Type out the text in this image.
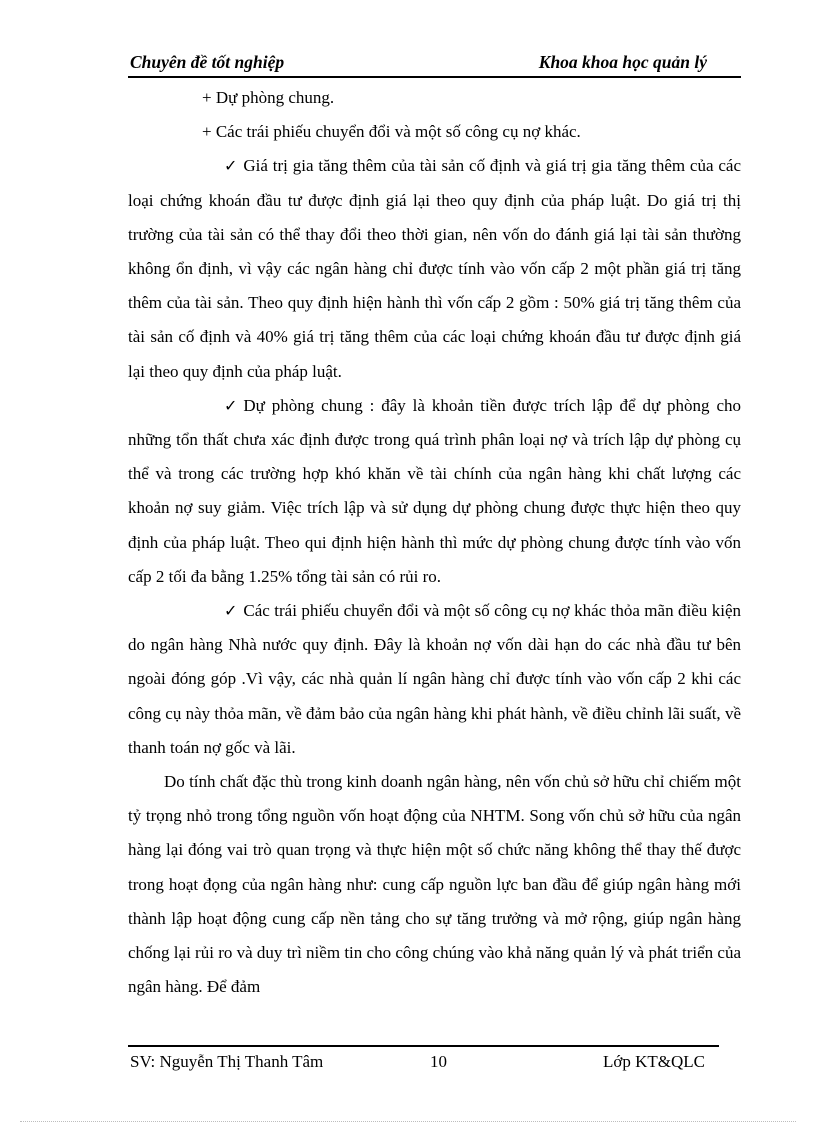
Chuyên đề tốt nghiệp	Khoa khoa học quản lý

+ Dự phòng chung.

+ Các trái phiếu chuyển đổi và một số công cụ nợ khác.

✓ Giá trị gia tăng thêm của tài sản cố định và giá trị gia tăng thêm của các loại chứng khoán đầu tư được định giá lại theo quy định của pháp luật. Do giá trị thị trường của tài sản có thể thay đổi theo thời gian, nên vốn do đánh giá lại tài sản thường không ổn định, vì vậy các ngân hàng chỉ được tính vào vốn cấp 2 một phần giá trị tăng thêm của tài sản. Theo quy định hiện hành thì vốn cấp 2 gồm : 50% giá trị tăng thêm của tài sản cố định và 40% giá trị tăng thêm của các loại chứng khoán đầu tư được định giá lại theo quy định của pháp luật.

✓ Dự phòng chung : đây là khoản tiền được trích lập để dự phòng cho những tổn thất chưa xác định được trong quá trình phân loại nợ và trích lập dự phòng cụ thể và trong các trường hợp khó khăn về tài chính của ngân hàng khi chất lượng các khoản nợ suy giảm. Việc trích lập và sử dụng dự phòng chung được thực hiện theo quy định của pháp luật. Theo qui định hiện hành thì mức dự phòng chung được tính vào vốn cấp 2 tối đa bằng 1.25% tổng tài sản có rủi ro.

✓ Các trái phiếu chuyển đổi và một số công cụ nợ khác thỏa mãn điều kiện do ngân hàng Nhà nước quy định. Đây là khoản nợ vốn dài hạn do các nhà đầu tư bên ngoài đóng góp .Vì vậy, các nhà quản lí ngân hàng chỉ được tính vào vốn cấp 2 khi các công cụ này thỏa mãn, về đảm bảo của ngân hàng khi phát hành, về điều chỉnh lãi suất, về thanh toán nợ gốc và lãi.

Do tính chất đặc thù trong kinh doanh ngân hàng, nên vốn chủ sở hữu chỉ chiếm một tỷ trọng nhỏ trong tổng nguồn vốn hoạt động của NHTM. Song vốn chủ sở hữu của ngân hàng lại đóng vai trò quan trọng và thực hiện một số chức năng không thể thay thế được trong hoạt đọng của ngân hàng như: cung cấp nguồn lực ban đầu để giúp ngân hàng mới thành lập hoạt động cung cấp nền tảng cho sự tăng trưởng và mở rộng, giúp ngân hàng chống lại rủi ro và duy trì niềm tin cho công chúng vào khả năng quản lý và phát triển của ngân hàng. Để đảm

SV: Nguyễn Thị Thanh Tâm	10	Lớp KT&QLC
